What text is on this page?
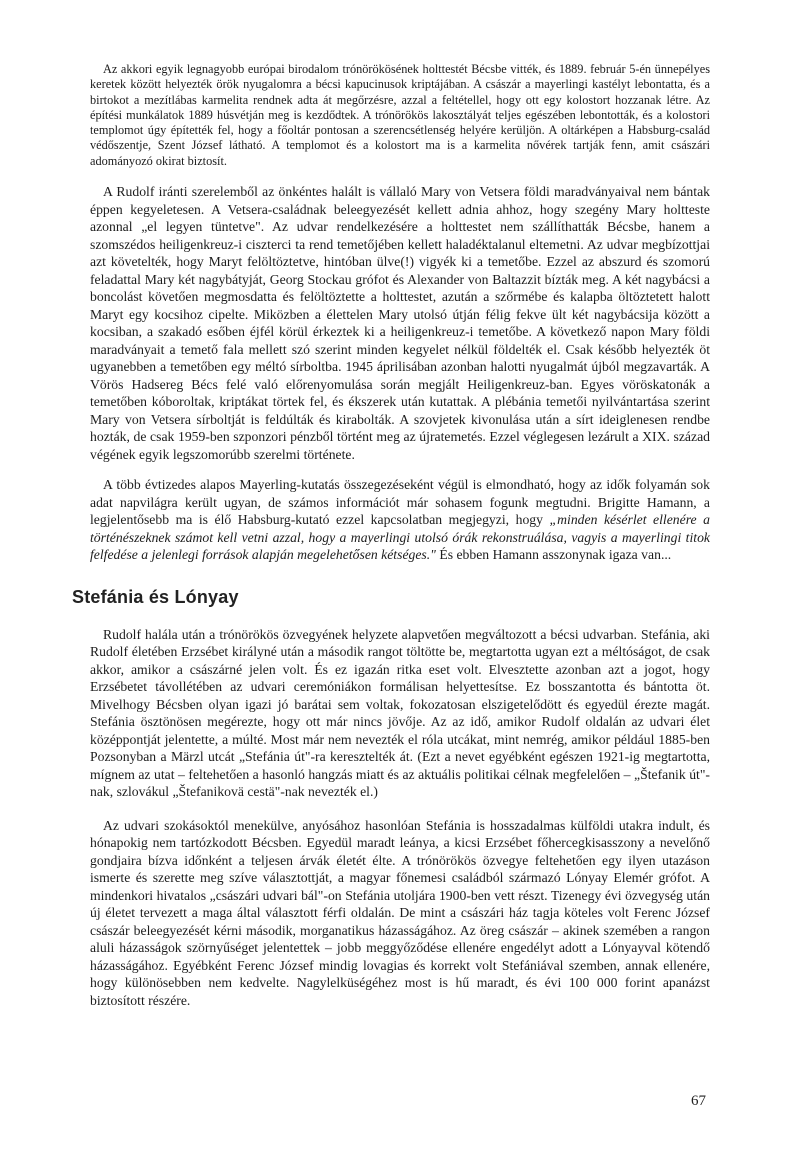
Az akkori egyik legnagyobb európai birodalom trónörökösének holttestét Bécsbe vitték, és 1889. február 5-én ünnepélyes keretek között helyezték örök nyugalomra a bécsi kapucinusok kriptájában. A császár a mayerlingi kastélyt lebontatta, és a birtokot a mezítlábas karmelita rendnek adta át megőrzésre, azzal a feltétellel, hogy ott egy kolostort hozzanak létre. Az építési munkálatok 1889 húsvétján meg is kezdődtek. A trónörökös lakosztályát teljes egészében lebontották, és a kolostori templomot úgy építették fel, hogy a főoltár pontosan a szerencsétlenség helyére kerüljön. A oltárképen a Habsburg-család védőszentje, Szent József látható. A templomot és a kolostort ma is a karmelita nővérek tartják fenn, amit császári adományozó okirat biztosít.

A Rudolf iránti szerelemből az önkéntes halált is vállaló Mary von Vetsera földi maradványaival nem bántak éppen kegyeletesen. A Vetsera-családnak beleegyezését kellett adnia ahhoz, hogy szegény Mary holtteste azonnal „el legyen tüntetve". Az udvar rendelkezésére a holttestet nem szállíthatták Bécsbe, hanem a szomszédos heiligenkreuz-i ciszterci ta rend temetőjében kellett haladéktalanul eltemetni. Az udvar megbízottjai azt követelték, hogy Maryt felöltöztetve, hintóban ülve(!) vigyék ki a temetőbe. Ezzel az abszurd és szomorú feladattal Mary két nagybátyját, Georg Stockau grófot és Alexander von Baltazzit bízták meg. A két nagybácsi a boncolást követően megmosdatta és felöltöztette a holttestet, azután a szőrmébe és kalapba öltöztetett halott Maryt egy kocsihoz cipelte. Miközben a élettelen Mary utolsó útján félig fekve ült két nagybácsija között a kocsiban, a szakadó esőben éjfél körül érkeztek ki a heiligenkreuz-i temetőbe. A következő napon Mary földi maradványait a temető fala mellett szó szerint minden kegyelet nélkül földelték el. Csak később helyezték öt ugyanebben a temetőben egy méltó sírboltba. 1945 áprilisában azonban halotti nyugalmát újból megzavarták. A Vörös Hadsereg Bécs felé való előrenyomulása során megjált Heiligenkreuz-ban. Egyes vöröskatonák a temetőben kóboroltak, kriptákat törtek fel, és ékszerek után kutattak. A plébánia temetői nyilvántartása szerint Mary von Vetsera sírboltját is feldúlták és kirabolták. A szovjetek kivonulása után a sírt ideiglenesen rendbe hozták, de csak 1959-ben szponzori pénzből történt meg az újratemetés. Ezzel véglegesen lezárult a XIX. század végének egyik legszomorúbb szerelmi története.

A több évtizedes alapos Mayerling-kutatás összegezéseként végül is elmondható, hogy az idők folyamán sok adat napvilágra került ugyan, de számos információt már sohasem fogunk megtudni. Brigitte Hamann, a legjelentősebb ma is élő Habsburg-kutató ezzel kapcsolatban megjegyzi, hogy „minden késérlet ellenére a történészeknek számot kell vetni azzal, hogy a mayerlingi utolsó órák rekonstruálása, vagyis a mayerlingi titok felfedése a jelenlegi források alapján megelehetősen kétséges." És ebben Hamann asszonynak igaza van...

Stefánia és Lónyay

Rudolf halála után a trónörökös özvegyének helyzete alapvetően megváltozott a bécsi udvarban. Stefánia, aki Rudolf életében Erzsébet királyné után a második rangot töltötte be, megtartotta ugyan ezt a méltóságot, de csak akkor, amikor a császárné jelen volt. És ez igazán ritka eset volt. Elvesztette azonban azt a jogot, hogy Erzsébetet távollétében az udvari ceremóniákon formálisan helyettesítse. Ez bosszantotta és bántotta öt. Mivelhogy Bécsben olyan igazi jó barátai sem voltak, fokozatosan elszigetelődött és egyedül érezte magát. Stefánia ösztönösen megérezte, hogy ott már nincs jövője. Az az idő, amikor Rudolf oldalán az udvari élet középpontját jelentette, a múlté. Most már nem nevezték el róla utcákat, mint nemrég, amikor például 1885-ben Pozsonyban a Märzl utcát „Stefánia út"-ra keresztelték át. (Ezt a nevet egyébként egészen 1921-ig megtartotta, mígnem az utat – feltehetően a hasonló hangzás miatt és az aktuális politikai célnak megfelelően – „Štefanik út"-nak, szlovákul „Štefanikovä cestä"-nak nevezték el.)

Az udvari szokásoktól menekülve, anyósához hasonlóan Stefánia is hosszadalmas külföldi utakra indult, és hónapokig nem tartózkodott Bécsben. Egyedül maradt leánya, a kicsi Erzsébet főhercegkisasszony a nevelőnő gondjaira bízva időnként a teljesen árvák életét élte. A trónörökös özvegye feltehetően egy ilyen utazáson ismerte és szerette meg szíve választottját, a magyar főnemesi családból származó Lónyay Elemér grófot. A mindenkori hivatalos „császári udvari bál"-on Stefánia utoljára 1900-ben vett részt. Tizenegy évi özvegység után új életet tervezett a maga által választott férfi oldalán. De mint a császári ház tagja köteles volt Ferenc József császár beleegyezését kérni második, morganatikus házasságához. Az öreg császár – akinek szemében a rangon aluli házasságok szörnyűséget jelentettek – jobb meggyőződése ellenére engedélyt adott a Lónyayval kötendő házasságához. Egyébként Ferenc József mindig lovagias és korrekt volt Stefániával szemben, annak ellenére, hogy különösebben nem kedvelte. Nagylelküségéhez most is hű maradt, és évi 100 000 forint apanázst biztosított részére.

67
